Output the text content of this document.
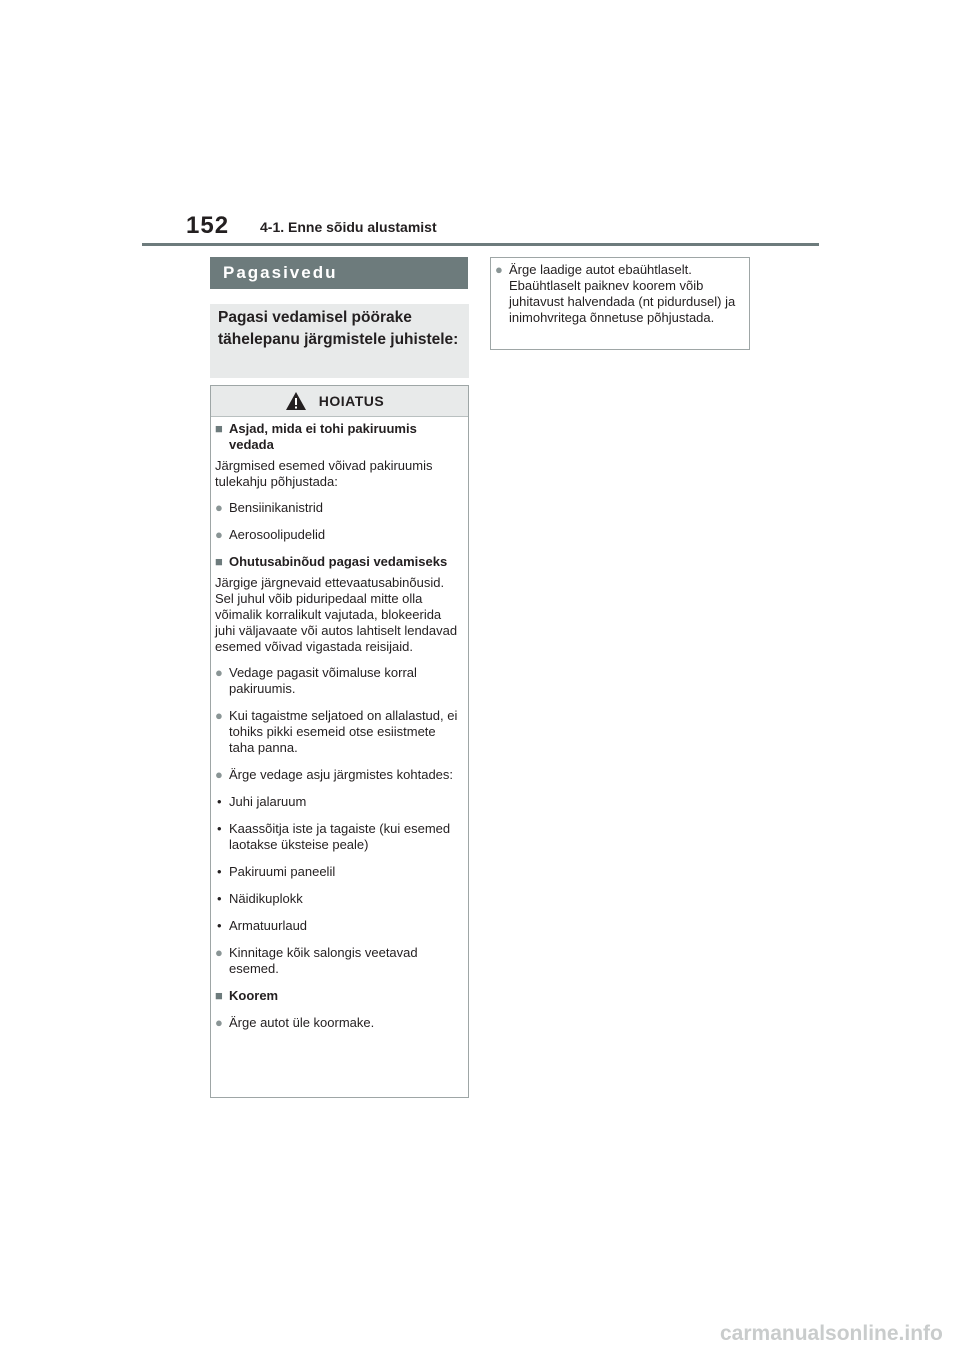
152 4-1. Enne sõidu alustamist
Pagasivedu
Pagasi vedamisel pöörake tähelepanu järgmistele juhistele:
HOIATUS
■ Asjad, mida ei tohi pakiruumis vedada
Järgmised esemed võivad pakiruumis tulekahju põhjustada:
● Bensiinikanistrid
● Aerosoolipudelid
■ Ohutusabinõud pagasi vedamiseks
Järgige järgnevaid ettevaatusabinõusid.
Sel juhul võib piduripedaal mitte olla võimalik korralikult vajutada, blokeerida juhi väljavaate või autos lahtiselt lendavad esemed võivad vigastada reisijaid.
● Vedage pagasit võimaluse korral pakiruumis.
● Kui tagaistme seljatoed on allalastud, ei tohiks pikki esemeid otse esiistmete taha panna.
● Ärge vedage asju järgmistes kohtades:
• Juhi jalaruum
• Kaassõitja iste ja tagaiste (kui esemed laotakse üksteise peale)
• Pakiruumi paneelil
• Näidikuplokk
• Armatuurlaud
● Kinnitage kõik salongis veetavad esemed.
■ Koorem
● Ärge autot üle koormake.
● Ärge laadige autot ebaühtlaselt. Ebaühtlaselt paiknev koorem võib juhitavust halvendada (nt pidurdusel) ja inimohvritega õnnetuse põhjustada.
carmanualsonline.info
